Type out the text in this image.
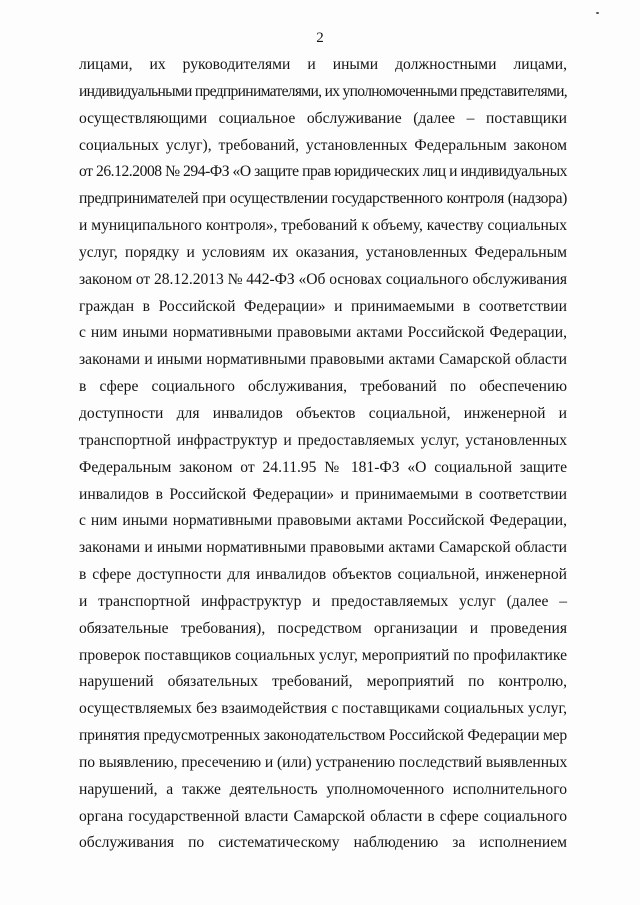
2
лицами, их руководителями и иными должностными лицами,
индивидуальными предпринимателями, их уполномоченными представителями,
осуществляющими социальное обслуживание (далее – поставщики
социальных услуг), требований, установленных Федеральным законом
от 26.12.2008 № 294-ФЗ «О защите прав юридических лиц и индивидуальных
предпринимателей при осуществлении государственного контроля (надзора)
и муниципального контроля», требований к объему, качеству социальных
услуг, порядку и условиям их оказания, установленных Федеральным
законом от 28.12.2013 № 442-ФЗ «Об основах социального обслуживания
граждан в Российской Федерации» и принимаемыми в соответствии
с ним иными нормативными правовыми актами Российской Федерации,
законами и иными нормативными правовыми актами Самарской области
в сфере социального обслуживания, требований по обеспечению
доступности для инвалидов объектов социальной, инженерной и
транспортной инфраструктур и предоставляемых услуг, установленных
Федеральным законом от 24.11.95 № 181-ФЗ «О социальной защите
инвалидов в Российской Федерации» и принимаемыми в соответствии
с ним иными нормативными правовыми актами Российской Федерации,
законами и иными нормативными правовыми актами Самарской области
в сфере доступности для инвалидов объектов социальной, инженерной
и транспортной инфраструктур и предоставляемых услуг (далее –
обязательные требования), посредством организации и проведения
проверок поставщиков социальных услуг, мероприятий по профилактике
нарушений обязательных требований, мероприятий по контролю,
осуществляемых без взаимодействия с поставщиками социальных услуг,
принятия предусмотренных законодательством Российской Федерации мер
по выявлению, пресечению и (или) устранению последствий выявленных
нарушений, а также деятельность уполномоченного исполнительного
органа государственной власти Самарской области в сфере социального
обслуживания по систематическому наблюдению за исполнением
